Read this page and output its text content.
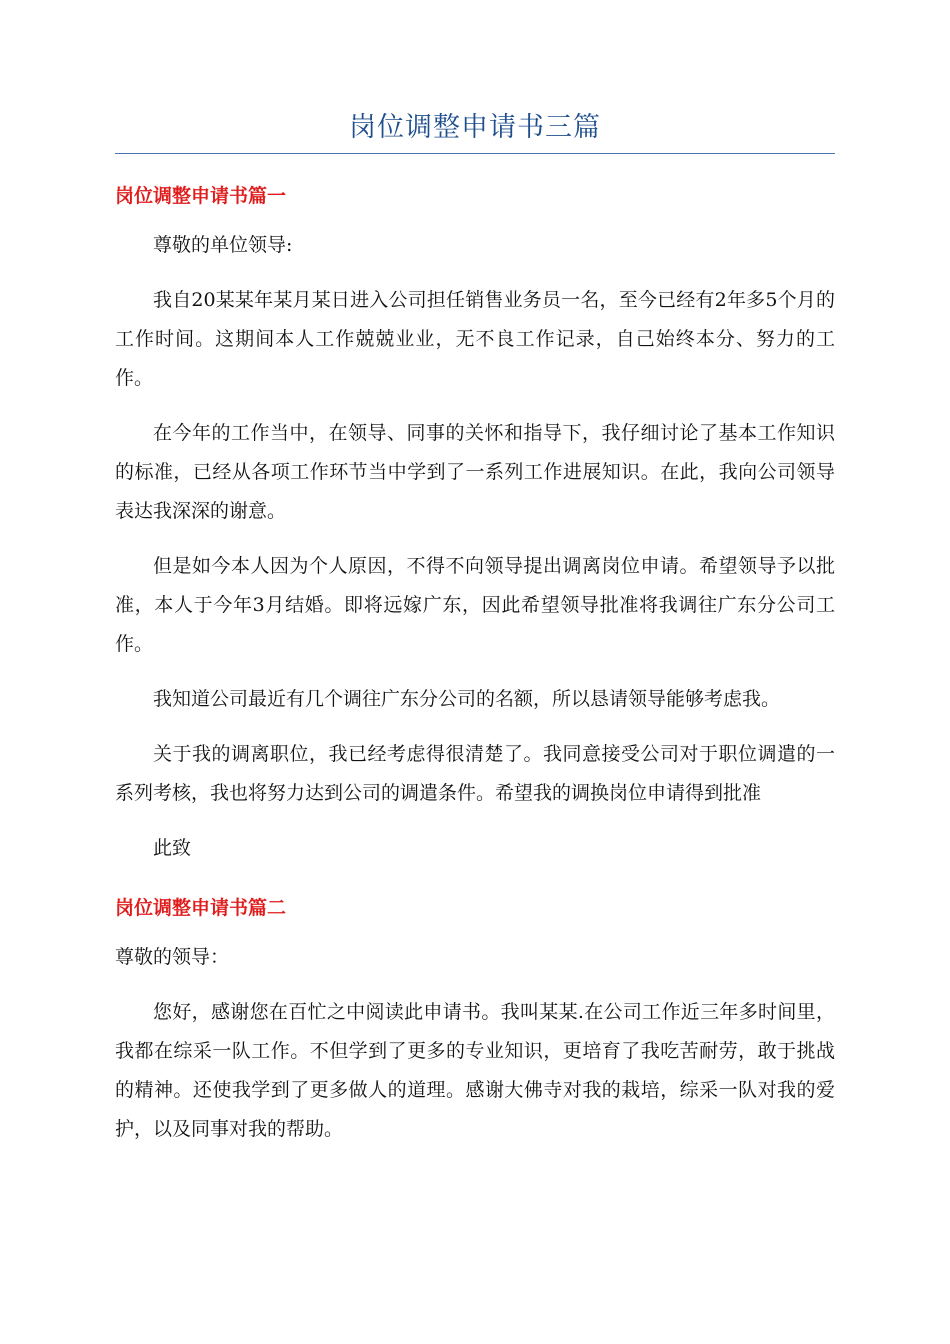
岗位调整申请书三篇
岗位调整申请书篇一

尊敬的单位领导:

我自20某某年某月某日进入公司担任销售业务员一名，至今已经有2年多5个月的工作时间。这期间本人工作兢兢业业，无不良工作记录，自己始终本分、努力的工作。

在今年的工作当中，在领导、同事的关怀和指导下，我仔细讨论了基本工作知识的标准，已经从各项工作环节当中学到了一系列工作进展知识。在此，我向公司领导表达我深深的谢意。

但是如今本人因为个人原因，不得不向领导提出调离岗位申请。希望领导予以批准，本人于今年3月结婚。即将远嫁广东，因此希望领导批准将我调往广东分公司工作。

我知道公司最近有几个调往广东分公司的名额，所以恳请领导能够考虑我。

关于我的调离职位，我已经考虑得很清楚了。我同意接受公司对于职位调遣的一系列考核，我也将努力达到公司的调遣条件。希望我的调换岗位申请得到批准

此致

岗位调整申请书篇二

尊敬的领导：

您好，感谢您在百忙之中阅读此申请书。我叫某某.在公司工作近三年多时间里，我都在综采一队工作。不但学到了更多的专业知识，更培育了我吃苦耐劳，敢于挑战的精神。还使我学到了更多做人的道理。感谢大佛寺对我的栽培，综采一队对我的爱护，以及同事对我的帮助。
